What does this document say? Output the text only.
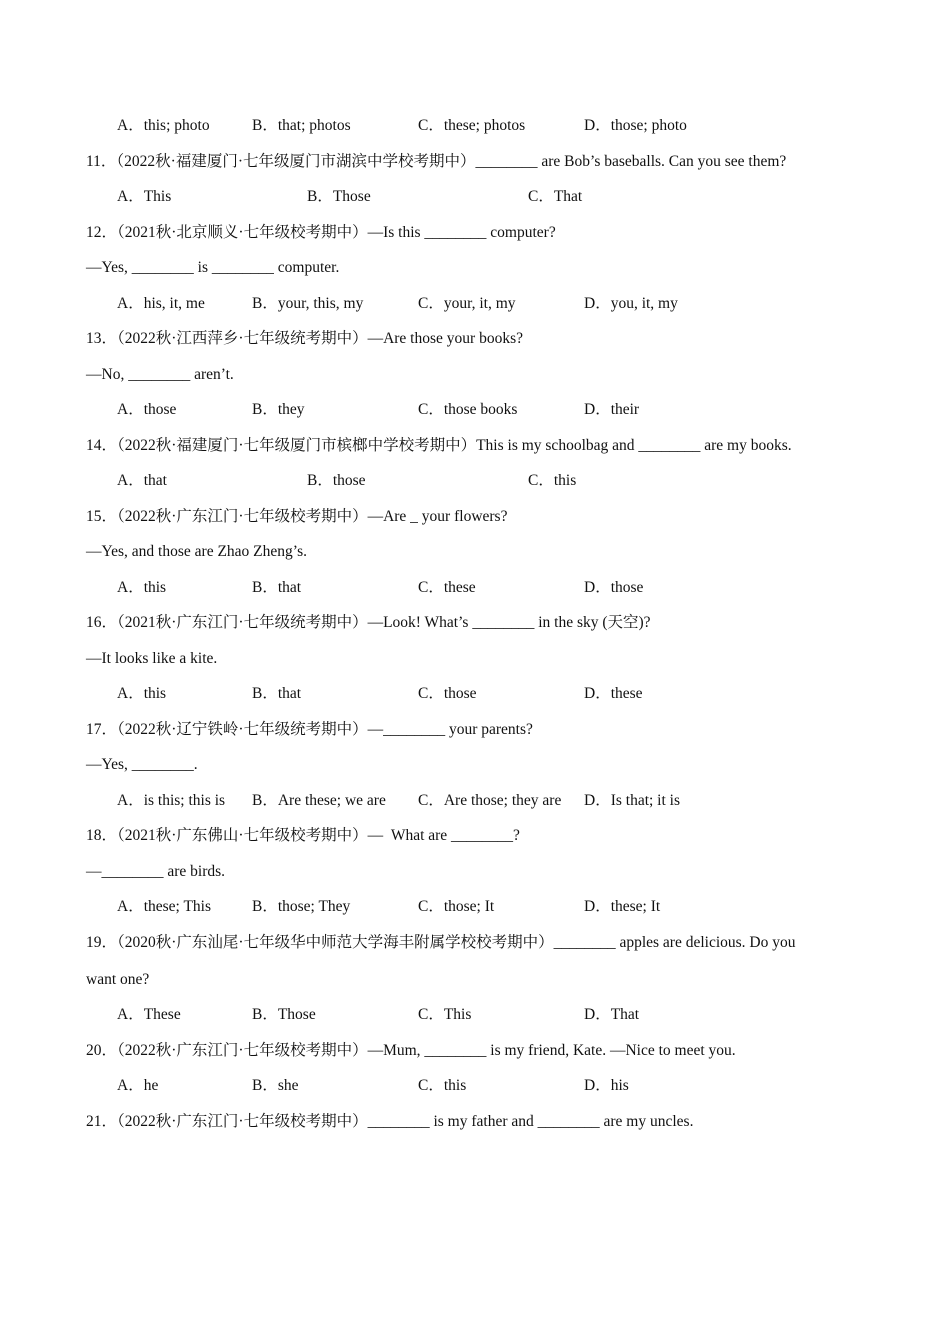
A．this; photo	B．that; photos	C．these; photos	D．those; photo
11．（2022秋·福建厦门·七年级厦门市湖滨中学校考期中）________ are Bob’s baseballs. Can you see them?
A．This	B．Those	C．That
12．（2021秋·北京顺义·七年级校考期中）—Is this ________ computer?
—Yes, ________ is ________ computer.
A．his, it, me	B．your, this, my	C．your, it, my	D．you, it, my
13．（2022秋·江西萍乡·七年级统考期中）—Are those your books?
—No, ________ aren’t.
A．those	B．they	C．those books	D．their
14．（2022秋·福建厦门·七年级厦门市槟榔中学校考期中）This is my schoolbag and ________ are my books.
A．that	B．those	C．this
15．（2022秋·广东江门·七年级校考期中）—Are _ your flowers?
—Yes, and those are Zhao Zheng’s.
A．this	B．that	C．these	D．those
16．（2021秋·广东江门·七年级统考期中）—Look! What’s ________ in the sky (天空)?
—It looks like a kite.
A．this	B．that	C．those	D．these
17．（2022秋·辽宁铁岭·七年级统考期中）—________ your parents?
—Yes, ________.
A．is this; this is B．Are these; we are C．Are those; they are D．Is that; it is
18．（2021秋·广东佛山·七年级校考期中）—  What are ________?
—________ are birds.
A．these; This	B．those; They	C．those; It	D．these; It
19．（2020秋·广东汕尾·七年级华中师范大学海丰附属学校校考期中）________ apples are delicious. Do you
want one?
A．These	B．Those	C．This	D．That
20．（2022秋·广东江门·七年级校考期中）—Mum, ________ is my friend, Kate. —Nice to meet you.
A．he	B．she	C．this	D．his
21．（2022秋·广东江门·七年级校考期中）________ is my father and ________ are my uncles.
